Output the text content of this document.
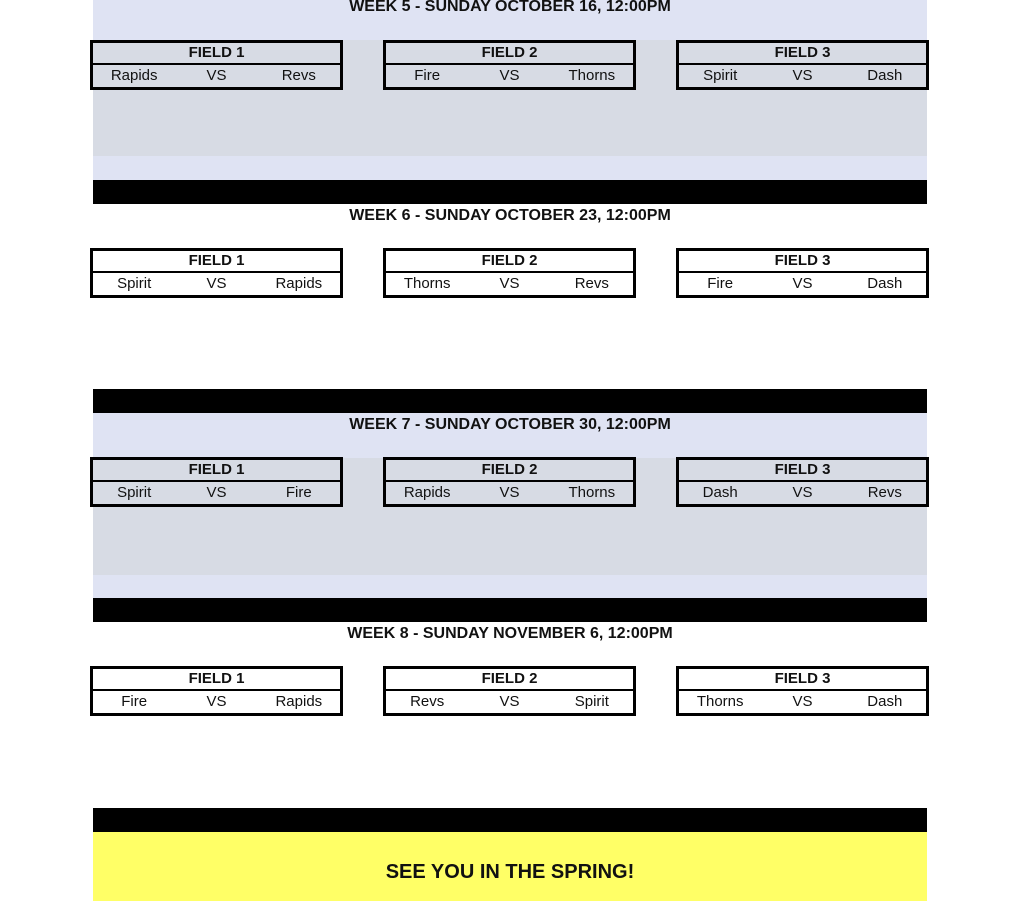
WEEK 5 - SUNDAY OCTOBER 16, 12:00PM
FIELD 1
Rapids	VS	Revs
FIELD 2
Fire	VS	Thorns
FIELD 3
Spirit	VS	Dash
WEEK 6 - SUNDAY OCTOBER 23, 12:00PM
FIELD 1
Spirit	VS	Rapids
FIELD 2
Thorns	VS	Revs
FIELD 3
Fire	VS	Dash
WEEK 7 - SUNDAY OCTOBER 30, 12:00PM
FIELD 1
Spirit	VS	Fire
FIELD 2
Rapids	VS	Thorns
FIELD 3
Dash	VS	Revs
WEEK 8 - SUNDAY NOVEMBER 6, 12:00PM
FIELD 1
Fire	VS	Rapids
FIELD 2
Revs	VS	Spirit
FIELD 3
Thorns	VS	Dash
SEE YOU IN THE SPRING!
